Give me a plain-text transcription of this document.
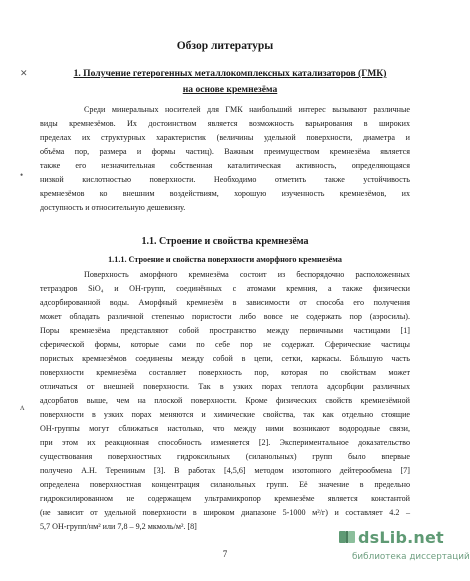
Обзор литературы
✕
•
ʌ
1. Получение гетерогенных металлокомплексных катализаторов (ГМК)
на основе кремнезёма
Среди минеральных носителей для ГМК наибольший интерес вызывают различные
виды кремнезёмов. Их достоинством является возможность варьирования в широких
пределах их структурных характеристик (величины удельной поверхности, диаметра и
объёма пор, размера и формы частиц). Важным преимуществом кремнезёма является
также его незначительная собственная каталитическая активность, определяющаяся
низкой кислотностью поверхности. Необходимо отметить также устойчивость
кремнезёмов ко внешним воздействиям, хорошую изученность кремнезёмов, их
доступность и относительную дешевизну.
1.1. Строение и свойства кремнезёма
1.1.1. Строение и свойства поверхности аморфного кремнезёма
Поверхность аморфного кремнезёма состоит из беспорядочно расположенных
тетраэдров SiO₄ и ОН-групп, соединённых с атомами кремния, а также физически
адсорбированной воды. Аморфный кремнезём в зависимости от способа его получения
может обладать различной степенью пористости либо вовсе не содержать пор (аэросилы).
Поры кремнезёма представляют собой пространство между первичными частицами [1]
сферической формы, которые сами по себе пор не содержат. Сферические частицы
пористых кремнезёмов соединены между собой в цепи, сетки, каркасы. Бóльшую часть
поверхности кремнезёма составляет поверхность пор, которая по свойствам может
отличаться от внешней поверхности. Так в узких порах теплота адсорбции различных
адсорбатов выше, чем на плоской поверхности. Кроме физических свойств кремнезёмной
поверхности в узких порах меняются и химические свойства, так как отдельно стоящие
ОН-группы могут сближаться настолько, что между ними возникают водородные связи,
при этом их реакционная способность изменяется [2]. Экспериментальное доказательство
существования поверхностных гидроксильных (силанольных) групп было впервые
получено А.Н. Терениным [3]. В работах [4,5,6] методом изотопного дейтерообмена [7]
определена поверхностная концентрация силанольных групп. Её значение в предельно
гидроксилированном не содержащем ультрамикропор кремнезёме является константой
(не зависит от удельной поверхности в широком диапазоне 5-1000 м²/г) и составляет 4.2 –
5,7 ОН-групп/нм² или 7,8 – 9,2 мкмоль/м². [8]
7
dsLib.net
библиотека диссертаций
